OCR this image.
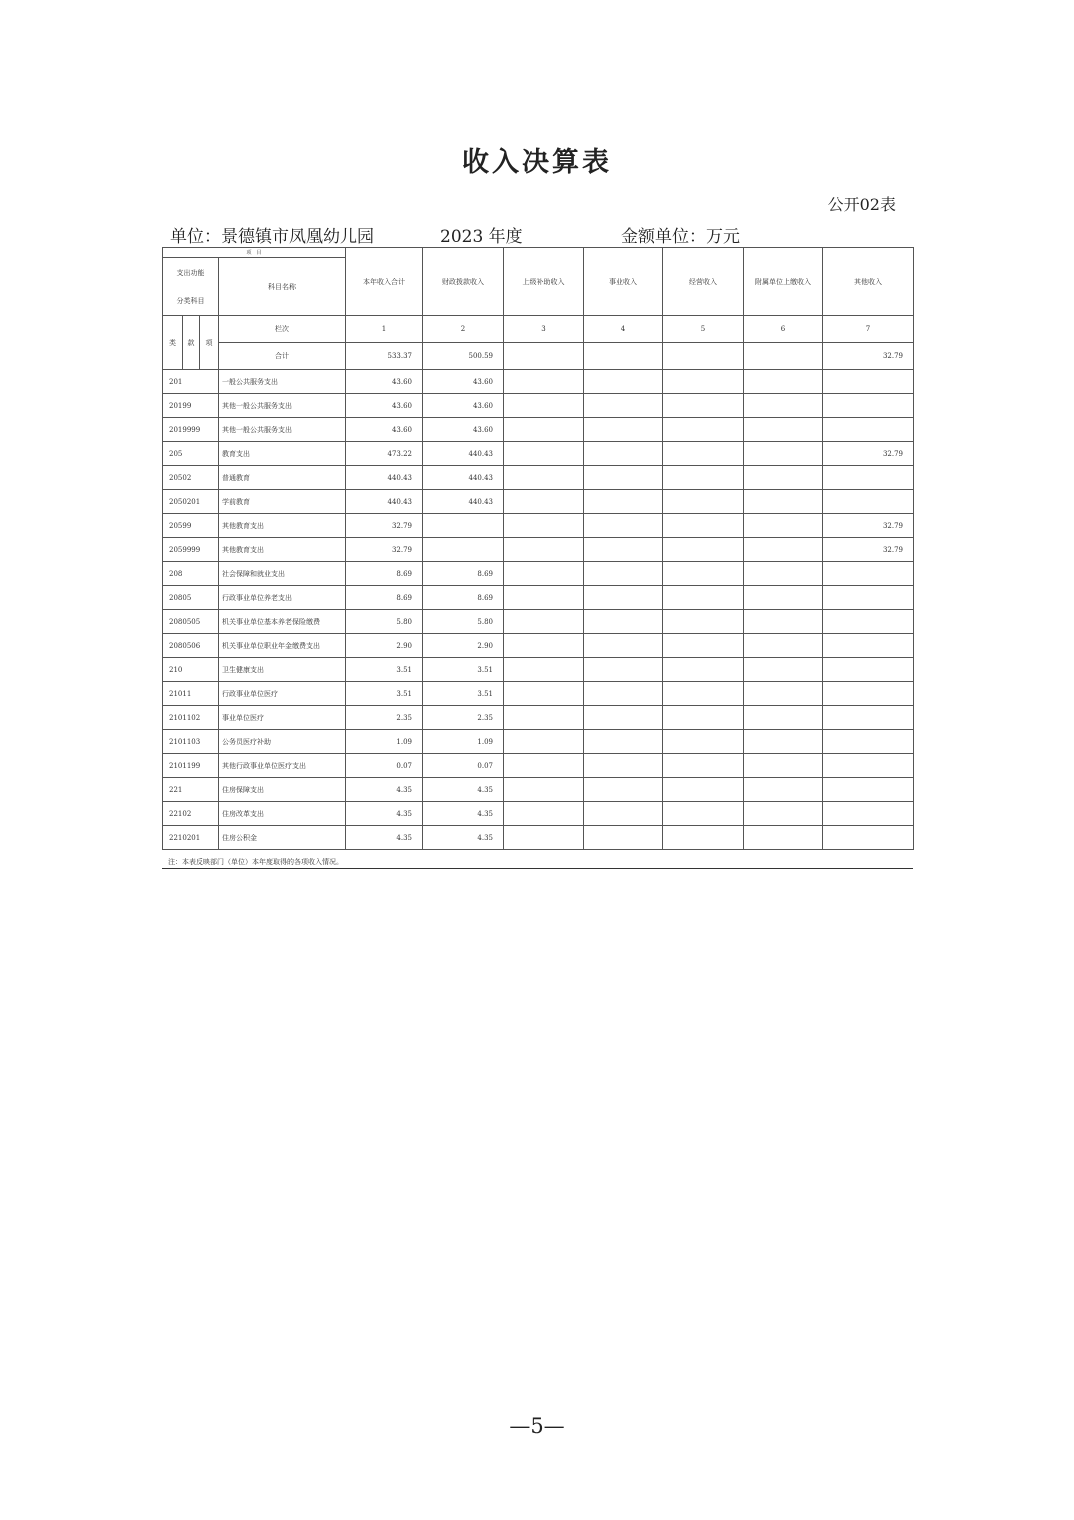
收入决算表
公开02表
单位：景德镇市凤凰幼儿园	2023 年度	金额单位：万元
项　目				本年收入合计	财政拨款收入	上级补助收入	事业收入	经营收入	附属单位上缴收入	其他收入

支出功能
分类科目			科目名称							
类	款	项	栏次	1	2	3	4	5	6	7
			合计	533.37	500.59					32.79
201			一般公共服务支出	43.60	43.60					
20199			其他一般公共服务支出	43.60	43.60					
2019999			其他一般公共服务支出	43.60	43.60					
205			教育支出	473.22	440.43					32.79
20502			普通教育	440.43	440.43					
2050201			学前教育	440.43	440.43					
20599			其他教育支出	32.79						32.79
2059999			其他教育支出	32.79						32.79
208			社会保障和就业支出	8.69	8.69					
20805			行政事业单位养老支出	8.69	8.69					
2080505			机关事业单位基本养老保险缴费	5.80	5.80					
2080506			机关事业单位职业年金缴费支出	2.90	2.90					
210			卫生健康支出	3.51	3.51					
21011			行政事业单位医疗	3.51	3.51					
2101102			事业单位医疗	2.35	2.35					
2101103			公务员医疗补助	1.09	1.09					
2101199			其他行政事业单位医疗支出	0.07	0.07					
221			住房保障支出	4.35	4.35					
22102			住房改革支出	4.35	4.35					
2210201			住房公积金	4.35	4.35					
注：本表反映部门（单位）本年度取得的各项收入情况。
—5—
